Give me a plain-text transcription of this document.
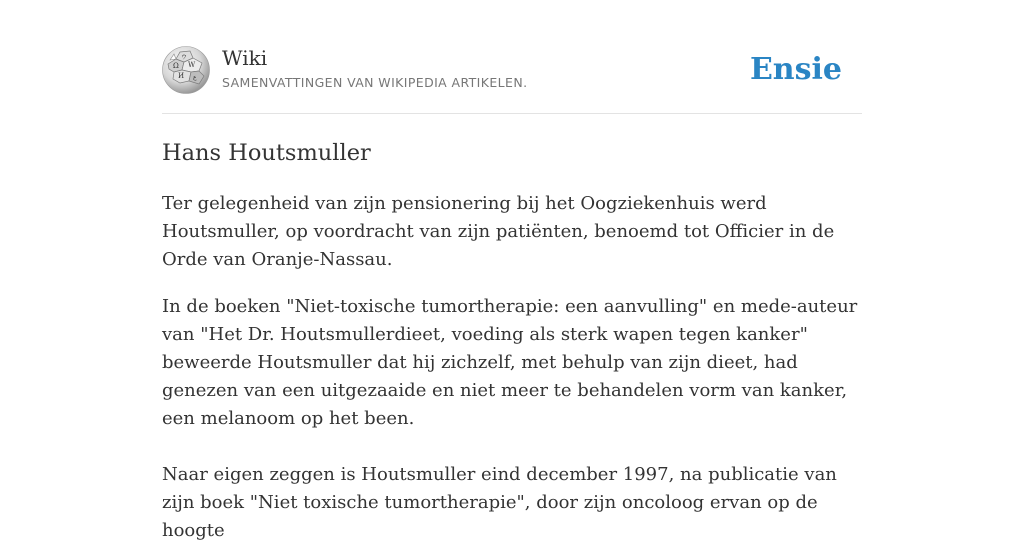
Ω W
И ع
ウ Wiki
SAMENVATTINGEN VAN WIKIPEDIA ARTIKELEN.	Ensie
Hans Houtsmuller

Ter gelegenheid van zijn pensionering bij het Oogziekenhuis werd Houtsmuller, op voordracht van zijn patiënten, benoemd tot Officier in de Orde van Oranje-Nassau.

In de boeken "Niet-toxische tumortherapie: een aanvulling" en mede-auteur van "Het Dr. Houtsmullerdieet, voeding als sterk wapen tegen kanker" beweerde Houtsmuller dat hij zichzelf, met behulp van zijn dieet, had genezen van een uitgezaaide en niet meer te behandelen vorm van kanker, een melanoom op het been.

Naar eigen zeggen is Houtsmuller eind december 1997, na publicatie van zijn boek "Niet toxische tumortherapie", door zijn oncoloog ervan op de hoogte
